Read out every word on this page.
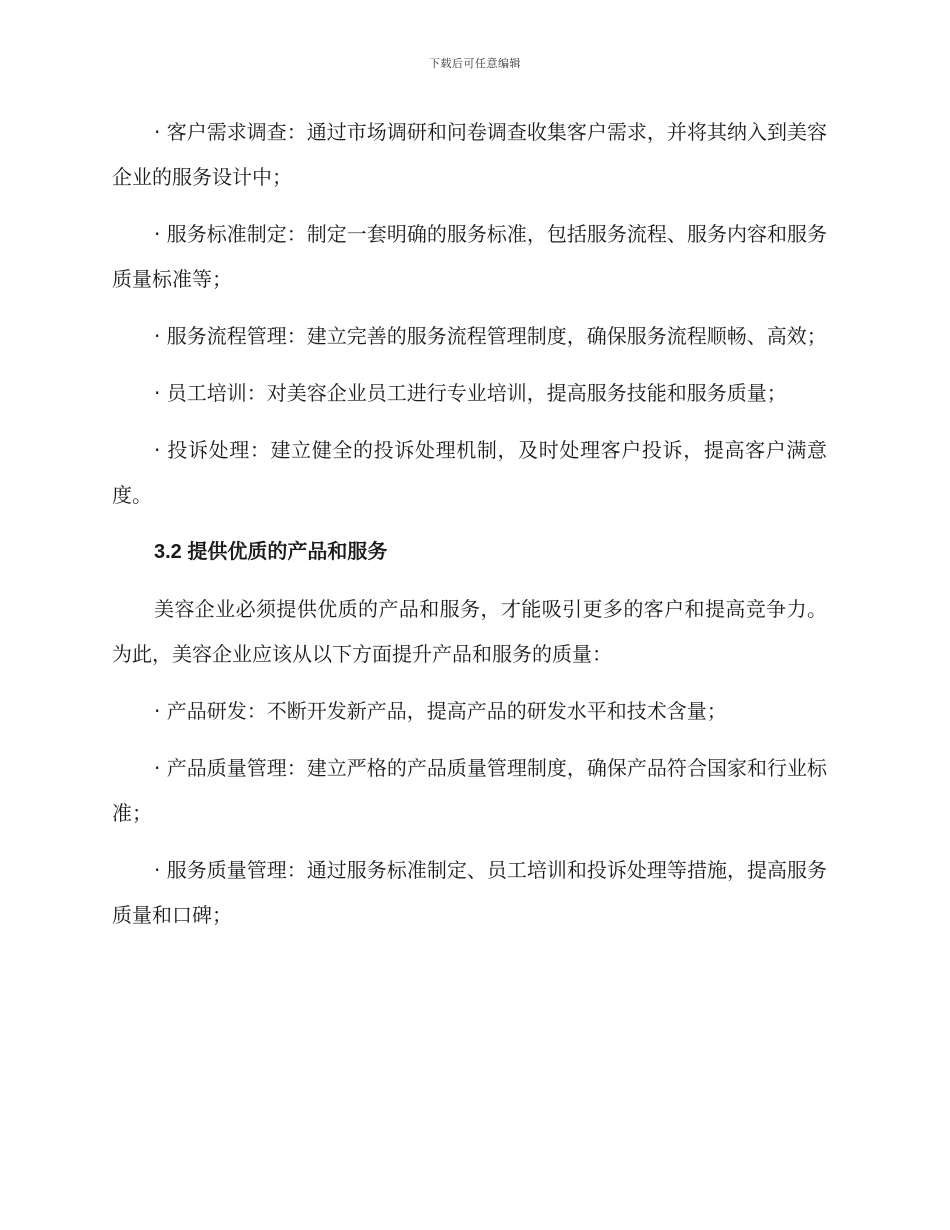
下载后可任意编辑

· 客户需求调查：通过市场调研和问卷调查收集客户需求，并将其纳入到美容企业的服务设计中；

· 服务标准制定：制定一套明确的服务标准，包括服务流程、服务内容和服务质量标准等；

· 服务流程管理：建立完善的服务流程管理制度，确保服务流程顺畅、高效；

· 员工培训：对美容企业员工进行专业培训，提高服务技能和服务质量；

· 投诉处理：建立健全的投诉处理机制，及时处理客户投诉，提高客户满意度。

3.2 提供优质的产品和服务

美容企业必须提供优质的产品和服务，才能吸引更多的客户和提高竞争力。为此，美容企业应该从以下方面提升产品和服务的质量：

· 产品研发：不断开发新产品，提高产品的研发水平和技术含量；

· 产品质量管理：建立严格的产品质量管理制度，确保产品符合国家和行业标准；

· 服务质量管理：通过服务标准制定、员工培训和投诉处理等措施，提高服务质量和口碑；
